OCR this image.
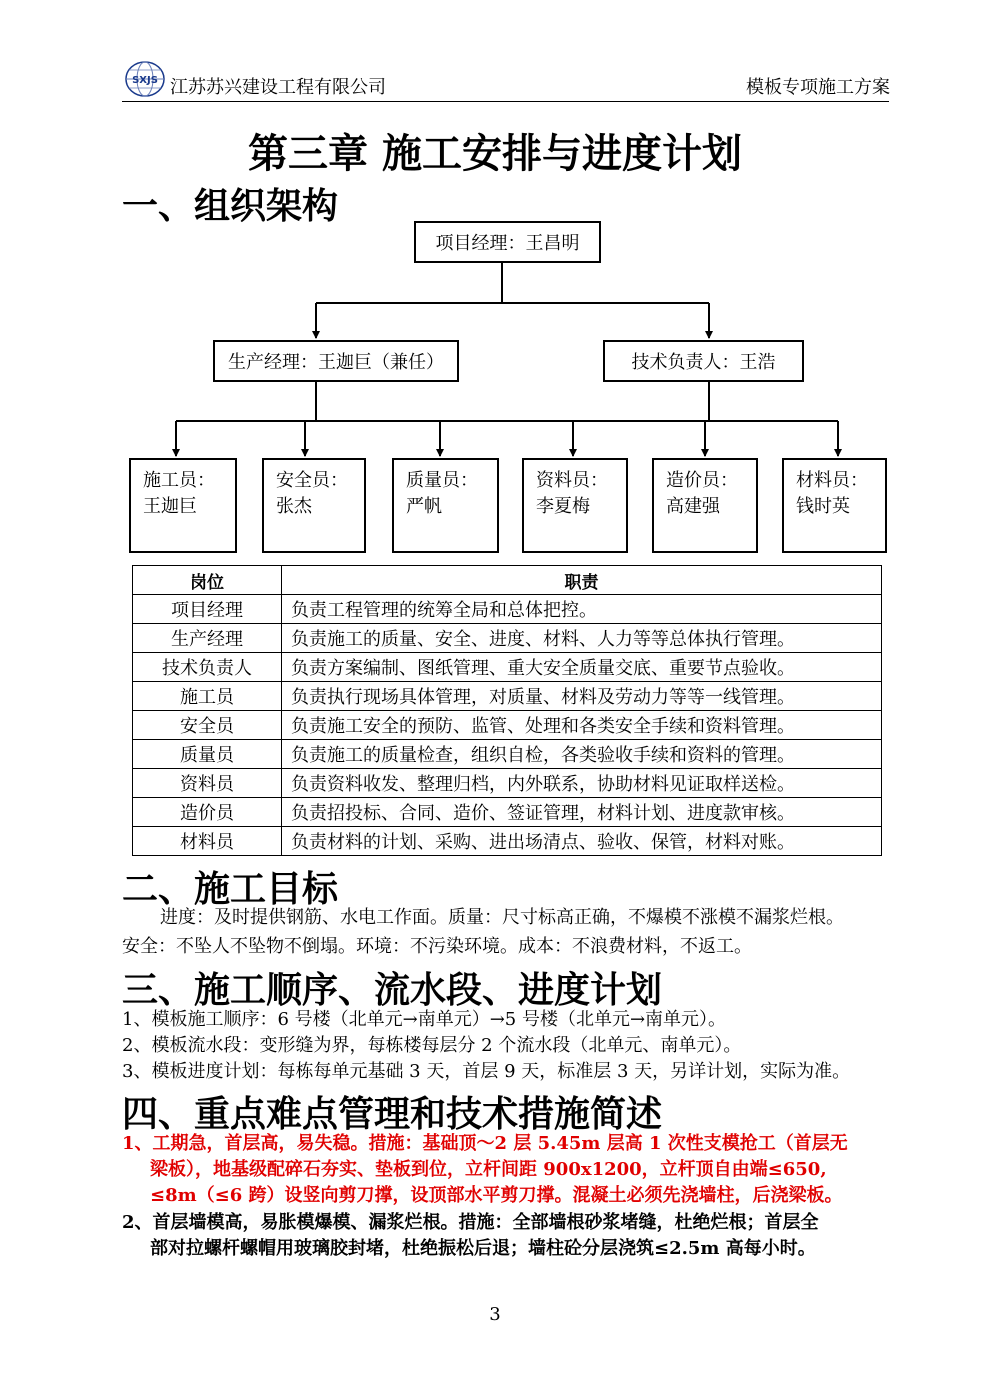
SXJS 江苏苏兴建设工程有限公司	模板专项施工方案
第三章 施工安排与进度计划
一、组织架构
项目经理：王昌明
生产经理：王迦巨（兼任）	技术负责人：王浩
施工员：
王迦巨
安全员：
张杰
质量员：
严帆
资料员：
李夏梅
造价员：
高建强
材料员：
钱时英
岗位	职责
项目经理	负责工程管理的统筹全局和总体把控。
生产经理	负责施工的质量、安全、进度、材料、人力等等总体执行管理。
技术负责人	负责方案编制、图纸管理、重大安全质量交底、重要节点验收。
施工员	负责执行现场具体管理，对质量、材料及劳动力等等一线管理。
安全员	负责施工安全的预防、监管、处理和各类安全手续和资料管理。
质量员	负责施工的质量检查，组织自检，各类验收手续和资料的管理。
资料员	负责资料收发、整理归档，内外联系，协助材料见证取样送检。
造价员	负责招投标、合同、造价、签证管理，材料计划、进度款审核。
材料员	负责材料的计划、采购、进出场清点、验收、保管，材料对账。
二、施工目标
进度：及时提供钢筋、水电工作面。质量：尺寸标高正确，不爆模不涨模不漏浆烂根。
安全：不坠人不坠物不倒塌。环境：不污染环境。成本：不浪费材料，不返工。
三、施工顺序、流水段、进度计划
1、模板施工顺序：6 号楼（北单元→南单元）→5 号楼（北单元→南单元）。
2、模板流水段：变形缝为界，每栋楼每层分 2 个流水段（北单元、南单元）。
3、模板进度计划：每栋每单元基础 3 天，首层 9 天，标准层 3 天，另详计划，实际为准。
四、重点难点管理和技术措施简述
1、工期急，首层高，易失稳。措施：基础顶～2 层 5.45m 层高 1 次性支模抢工（首层无
梁板），地基级配碎石夯实、垫板到位，立杆间距 900x1200，立杆顶自由端≤650,
≤8m（≤6 跨）设竖向剪刀撑，设顶部水平剪刀撑。混凝土必须先浇墙柱，后浇梁板。
2、首层墙模高，易胀模爆模、漏浆烂根。措施：全部墙根砂浆堵缝，杜绝烂根；首层全
部对拉螺杆螺帽用玻璃胶封堵，杜绝振松后退；墙柱砼分层浇筑≤2.5m 高每小时。
3
